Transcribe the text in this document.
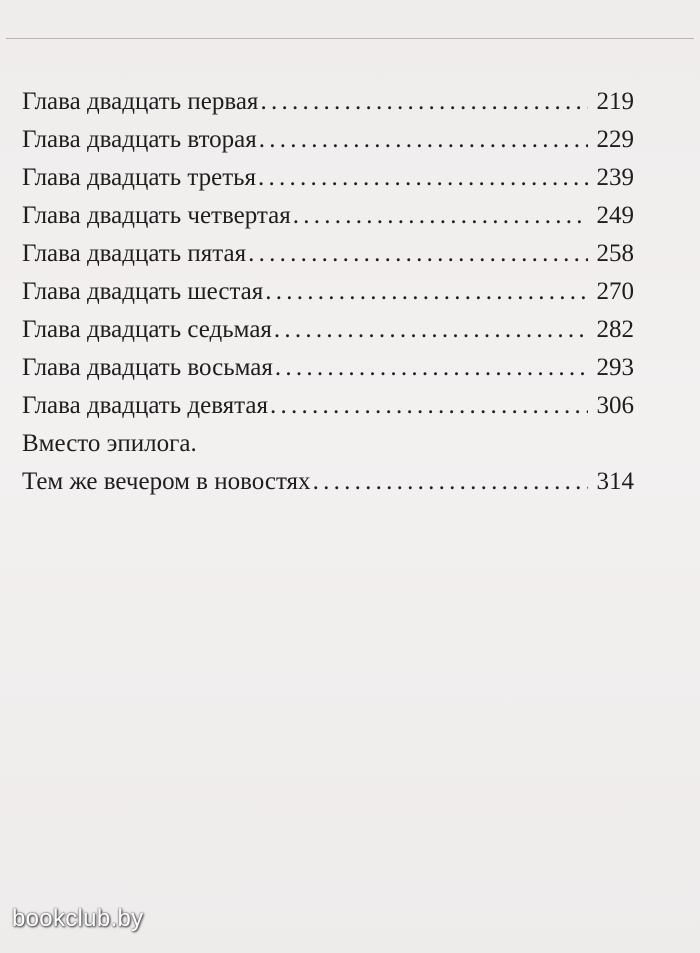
Глава двадцать первая . . .	219
Глава двадцать вторая . . .	229
Глава двадцать третья . . .	239
Глава двадцать четвертая . . .	249
Глава двадцать пятая . . .	258
Глава двадцать шестая . . .	270
Глава двадцать седьмая . . .	282
Глава двадцать восьмая . . .	293
Глава двадцать девятая . . .	306
Вместо эпилога.
Тем же вечером в новостях . . .	314
bookclub.by
